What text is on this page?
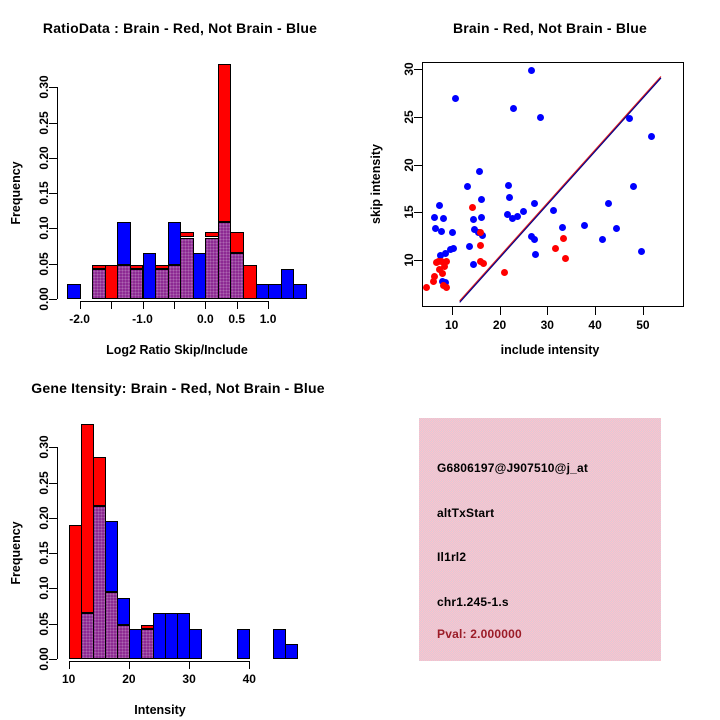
RatioData : Brain - Red, Not Brain - Blue
Frequency
Log2 Ratio Skip/Include
0.00
0.05
0.10
0.15
0.20
0.25
0.30
-2.0	-1.0	0.0 0.5 1.0
Brain - Red, Not Brain - Blue
skip intensity
include intensity
10	20	30	40	50
10
15
20
25
30
Gene Itensity: Brain - Red, Not Brain - Blue
Frequency
Intensity
0.00
0.05
0.10
0.15
0.20
0.25
0.30
10	20	30	40
G6806197@J907510@j_at
altTxStart
Il1rl2
chr1.245-1.s
Pval: 2.000000
